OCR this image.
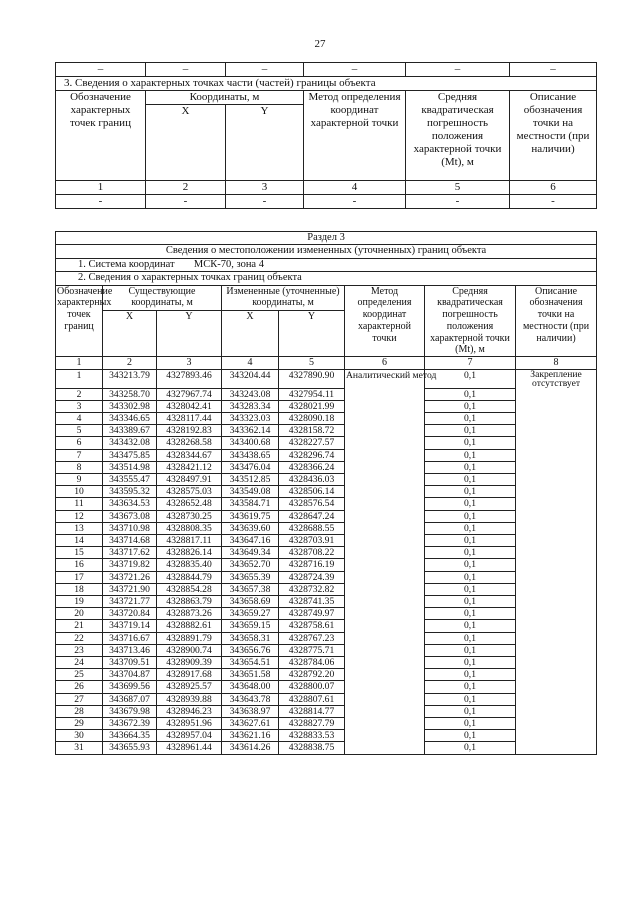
27
–	–	–	–	–	–
3. Сведения о характерных точках части (частей) границы объекта					
Обозначение характерных точек границ	Координаты, м		Метод определения координат характерной точки	Средняя квадратическая погрешность положения характерной точки (Mt), м	Описание обозначения точки на местности (при наличии)
	X	Y			
1	2	3	4	5	6
-	-	-	-	-	-
Раздел 3							
Сведения о местоположении измененных (уточненных) границ объекта							
1. Система координат МСК-70, зона 4							
2. Сведения о характерных точках границ объекта							
Обозначение характерных точек границ	Существующие координаты, м		Измененные (уточненные) координаты, м		Метод определения координат характерной точки	Средняя квадратическая погрешность положения характерной точки (Mt), м	Описание обозначения точки на местности (при наличии)
	X	Y	X	Y			
1	2	3	4	5	6	7	8
1	343213.79	4327893.46	343204.44	4327890.90	Аналитический метод	0,1	Закрепление отсутствует
2	343258.70	4327967.74	343243.08	4327954.11		0,1	
3	343302.98	4328042.41	343283.34	4328021.99		0,1	
4	343346.65	4328117.44	343323.03	4328090.18		0,1	
5	343389.67	4328192.83	343362.14	4328158.72		0,1	
6	343432.08	4328268.58	343400.68	4328227.57		0,1	
7	343475.85	4328344.67	343438.65	4328296.74		0,1	
8	343514.98	4328421.12	343476.04	4328366.24		0,1	
9	343555.47	4328497.91	343512.85	4328436.03		0,1	
10	343595.32	4328575.03	343549.08	4328506.14		0,1	
11	343634.53	4328652.48	343584.71	4328576.54		0,1	
12	343673.08	4328730.25	343619.75	4328647.24		0,1	
13	343710.98	4328808.35	343639.60	4328688.55		0,1	
14	343714.68	4328817.11	343647.16	4328703.91		0,1	
15	343717.62	4328826.14	343649.34	4328708.22		0,1	
16	343719.82	4328835.40	343652.70	4328716.19		0,1	
17	343721.26	4328844.79	343655.39	4328724.39		0,1	
18	343721.90	4328854.28	343657.38	4328732.82		0,1	
19	343721.77	4328863.79	343658.69	4328741.35		0,1	
20	343720.84	4328873.26	343659.27	4328749.97		0,1	
21	343719.14	4328882.61	343659.15	4328758.61		0,1	
22	343716.67	4328891.79	343658.31	4328767.23		0,1	
23	343713.46	4328900.74	343656.76	4328775.71		0,1	
24	343709.51	4328909.39	343654.51	4328784.06		0,1	
25	343704.87	4328917.68	343651.58	4328792.20		0,1	
26	343699.56	4328925.57	343648.00	4328800.07		0,1	
27	343687.07	4328939.88	343643.78	4328807.61		0,1	
28	343679.98	4328946.23	343638.97	4328814.77		0,1	
29	343672.39	4328951.96	343627.61	4328827.79		0,1	
30	343664.35	4328957.04	343621.16	4328833.53		0,1	
31	343655.93	4328961.44	343614.26	4328838.75		0,1	
